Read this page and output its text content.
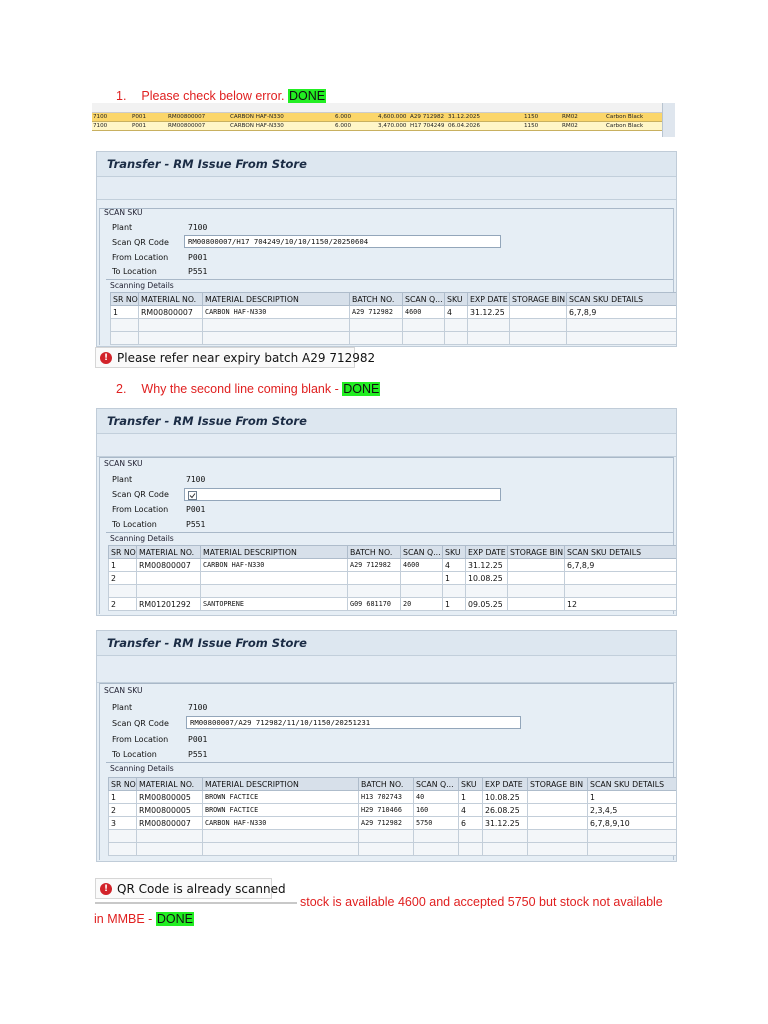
1. Please check below error. DONE
7100	P001	RM00800007	CARBON HAF-N330	6.000	4,600.000 A29 712982 31.12.2025	1150	RM02	Carbon Black
7100	P001	RM00800007	CARBON HAF-N330	6.000	3,470.000 H17 704249 06.04.2026	1150	RM02	Carbon Black
Transfer - RM Issue From Store
SCAN SKU
Plant	7100
Scan QR Code	RM00800007/H17 704249/10/10/1150/20250604
From Location P001
To Location	P551
Scanning Details
SR NO	MATERIAL NO.	MATERIAL DESCRIPTION	BATCH NO.	SCAN Q...	SKU	EXP DATE	STORAGE BIN	SCAN SKU DETAILS
1	RM00800007	CARBON HAF-N330	A29 712982	4600	4	31.12.25		6,7,8,9

! Please refer near expiry batch A29 712982
2. Why the second line coming blank - DONE
Transfer - RM Issue From Store
SCAN SKU
Plant	7100
Scan QR Code
From Location P001
To Location	P551
Scanning Details
SR NO	MATERIAL NO.	MATERIAL DESCRIPTION	BATCH NO.	SCAN Q...	SKU	EXP DATE	STORAGE BIN	SCAN SKU DETAILS
1	RM00800007	CARBON HAF-N330	A29 712982	4600	4	31.12.25		6,7,8,9
2					1	10.08.25		

2	RM01201292	SANTOPRENE	G09 681170	20	1	09.05.25		12
Transfer - RM Issue From Store
SCAN SKU
Plant	7100
Scan QR Code	RM00800007/A29 712982/11/10/1150/20251231
From Location P001
To Location	P551
Scanning Details
SR NO	MATERIAL NO.	MATERIAL DESCRIPTION	BATCH NO.	SCAN Q...	SKU	EXP DATE	STORAGE BIN	SCAN SKU DETAILS
1	RM00800005	BROWN FACTICE	H13 702743	40	1	10.08.25		1
2	RM00800005	BROWN FACTICE	H29 710466	160	4	26.08.25		2,3,4,5
3	RM00800007	CARBON HAF-N330	A29 712982	5750	6	31.12.25		6,7,8,9,10

! QR Code is already scanned
stock is available 4600 and accepted 5750 but stock not available
in MMBE - DONE
